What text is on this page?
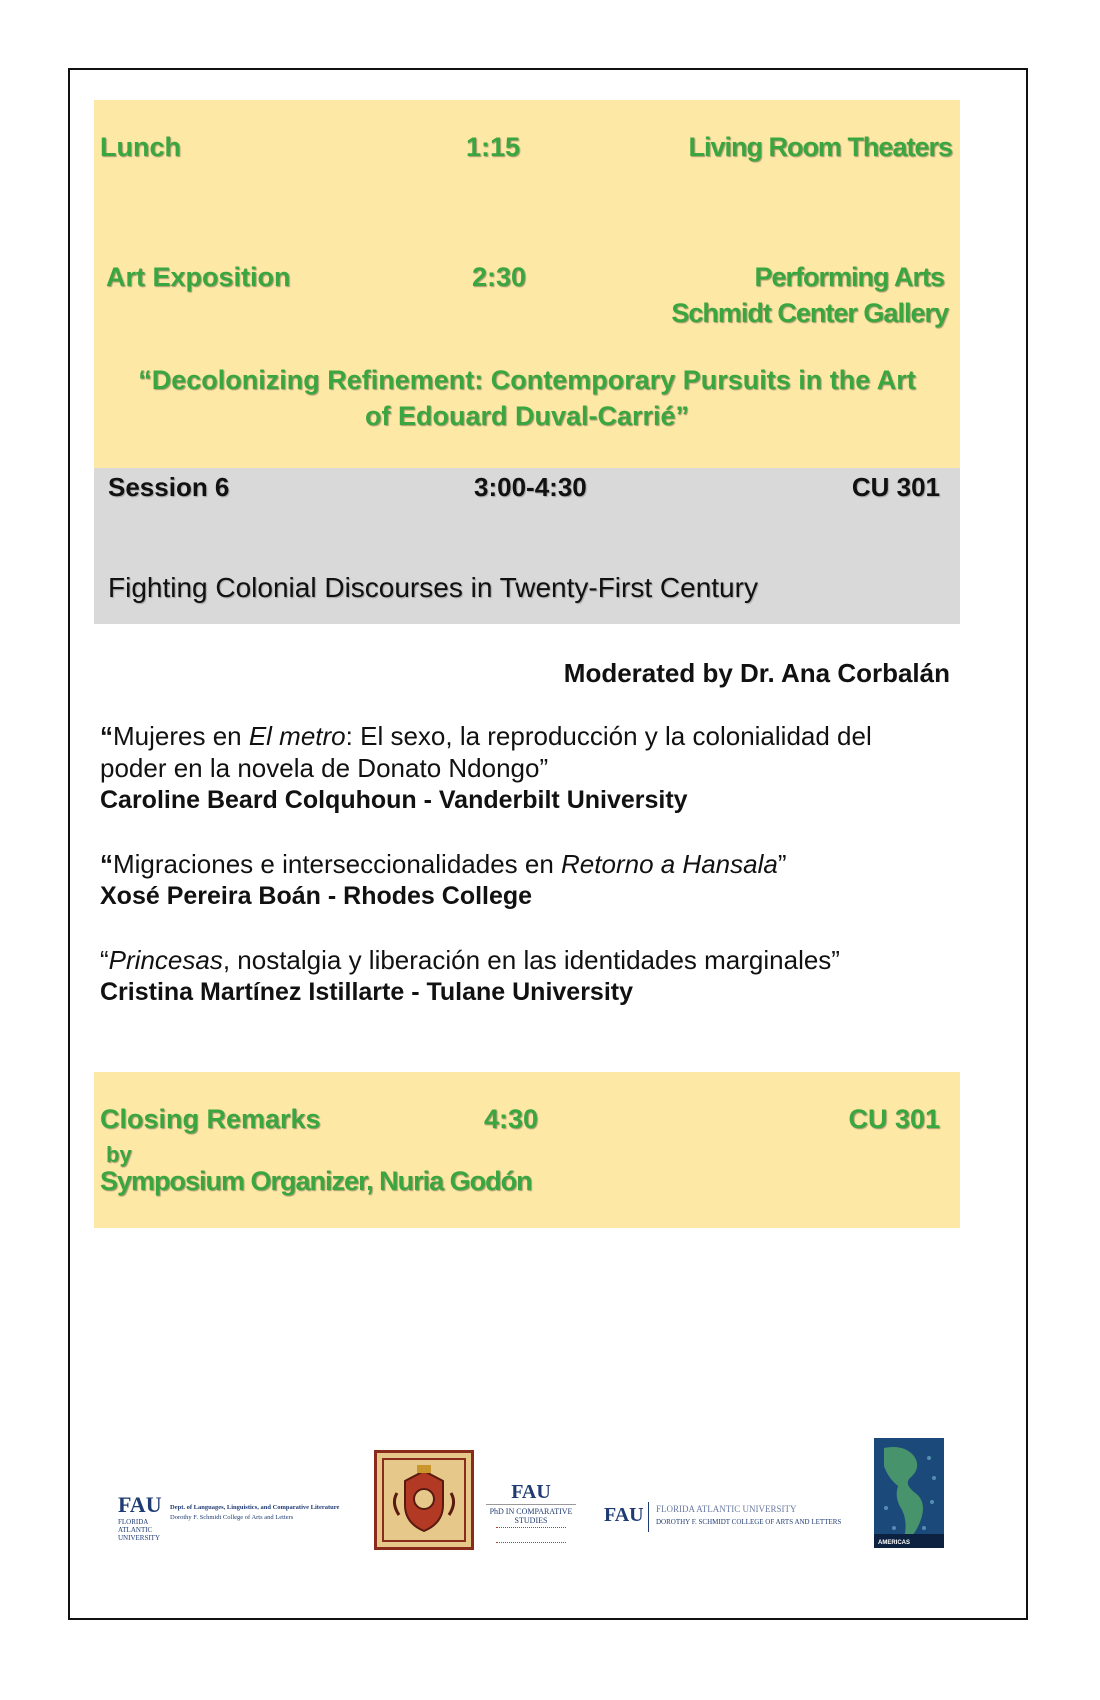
Lunch	1:15	Living Room Theaters
Art Exposition	2:30	Performing Arts
Schmidt Center Gallery
“Decolonizing Refinement: Contemporary Pursuits in the Art
of Edouard Duval-Carrié”
Session 6	3:00-4:30	CU 301
Fighting Colonial Discourses in Twenty-First Century
Moderated by Dr. Ana Corbalán
“Mujeres en El metro: El sexo, la reproducción y la colonialidad del
poder en la novela de Donato Ndongo”
Caroline Beard Colquhoun - Vanderbilt University
“Migraciones e interseccionalidades en Retorno a Hansala”
Xosé Pereira Boán - Rhodes College
“Princesas, nostalgia y liberación en las identidades marginales”
Cristina Martínez Istillarte - Tulane University
Closing Remarks	4:30	CU 301
by
Symposium Organizer, Nuria Godón
FAU
FLORIDA ATLANTIC UNIVERSITY
Dept. of Languages, Linguistics, and Comparative Literature
Dorothy F. Schmidt College of Arts and Letters
FAU
PhD IN COMPARATIVE
STUDIES	FAU FLORIDA ATLANTIC UNIVERSITY
DOROTHY F. SCHMIDT COLLEGE OF ARTS AND LETTERS
AMERICAS
